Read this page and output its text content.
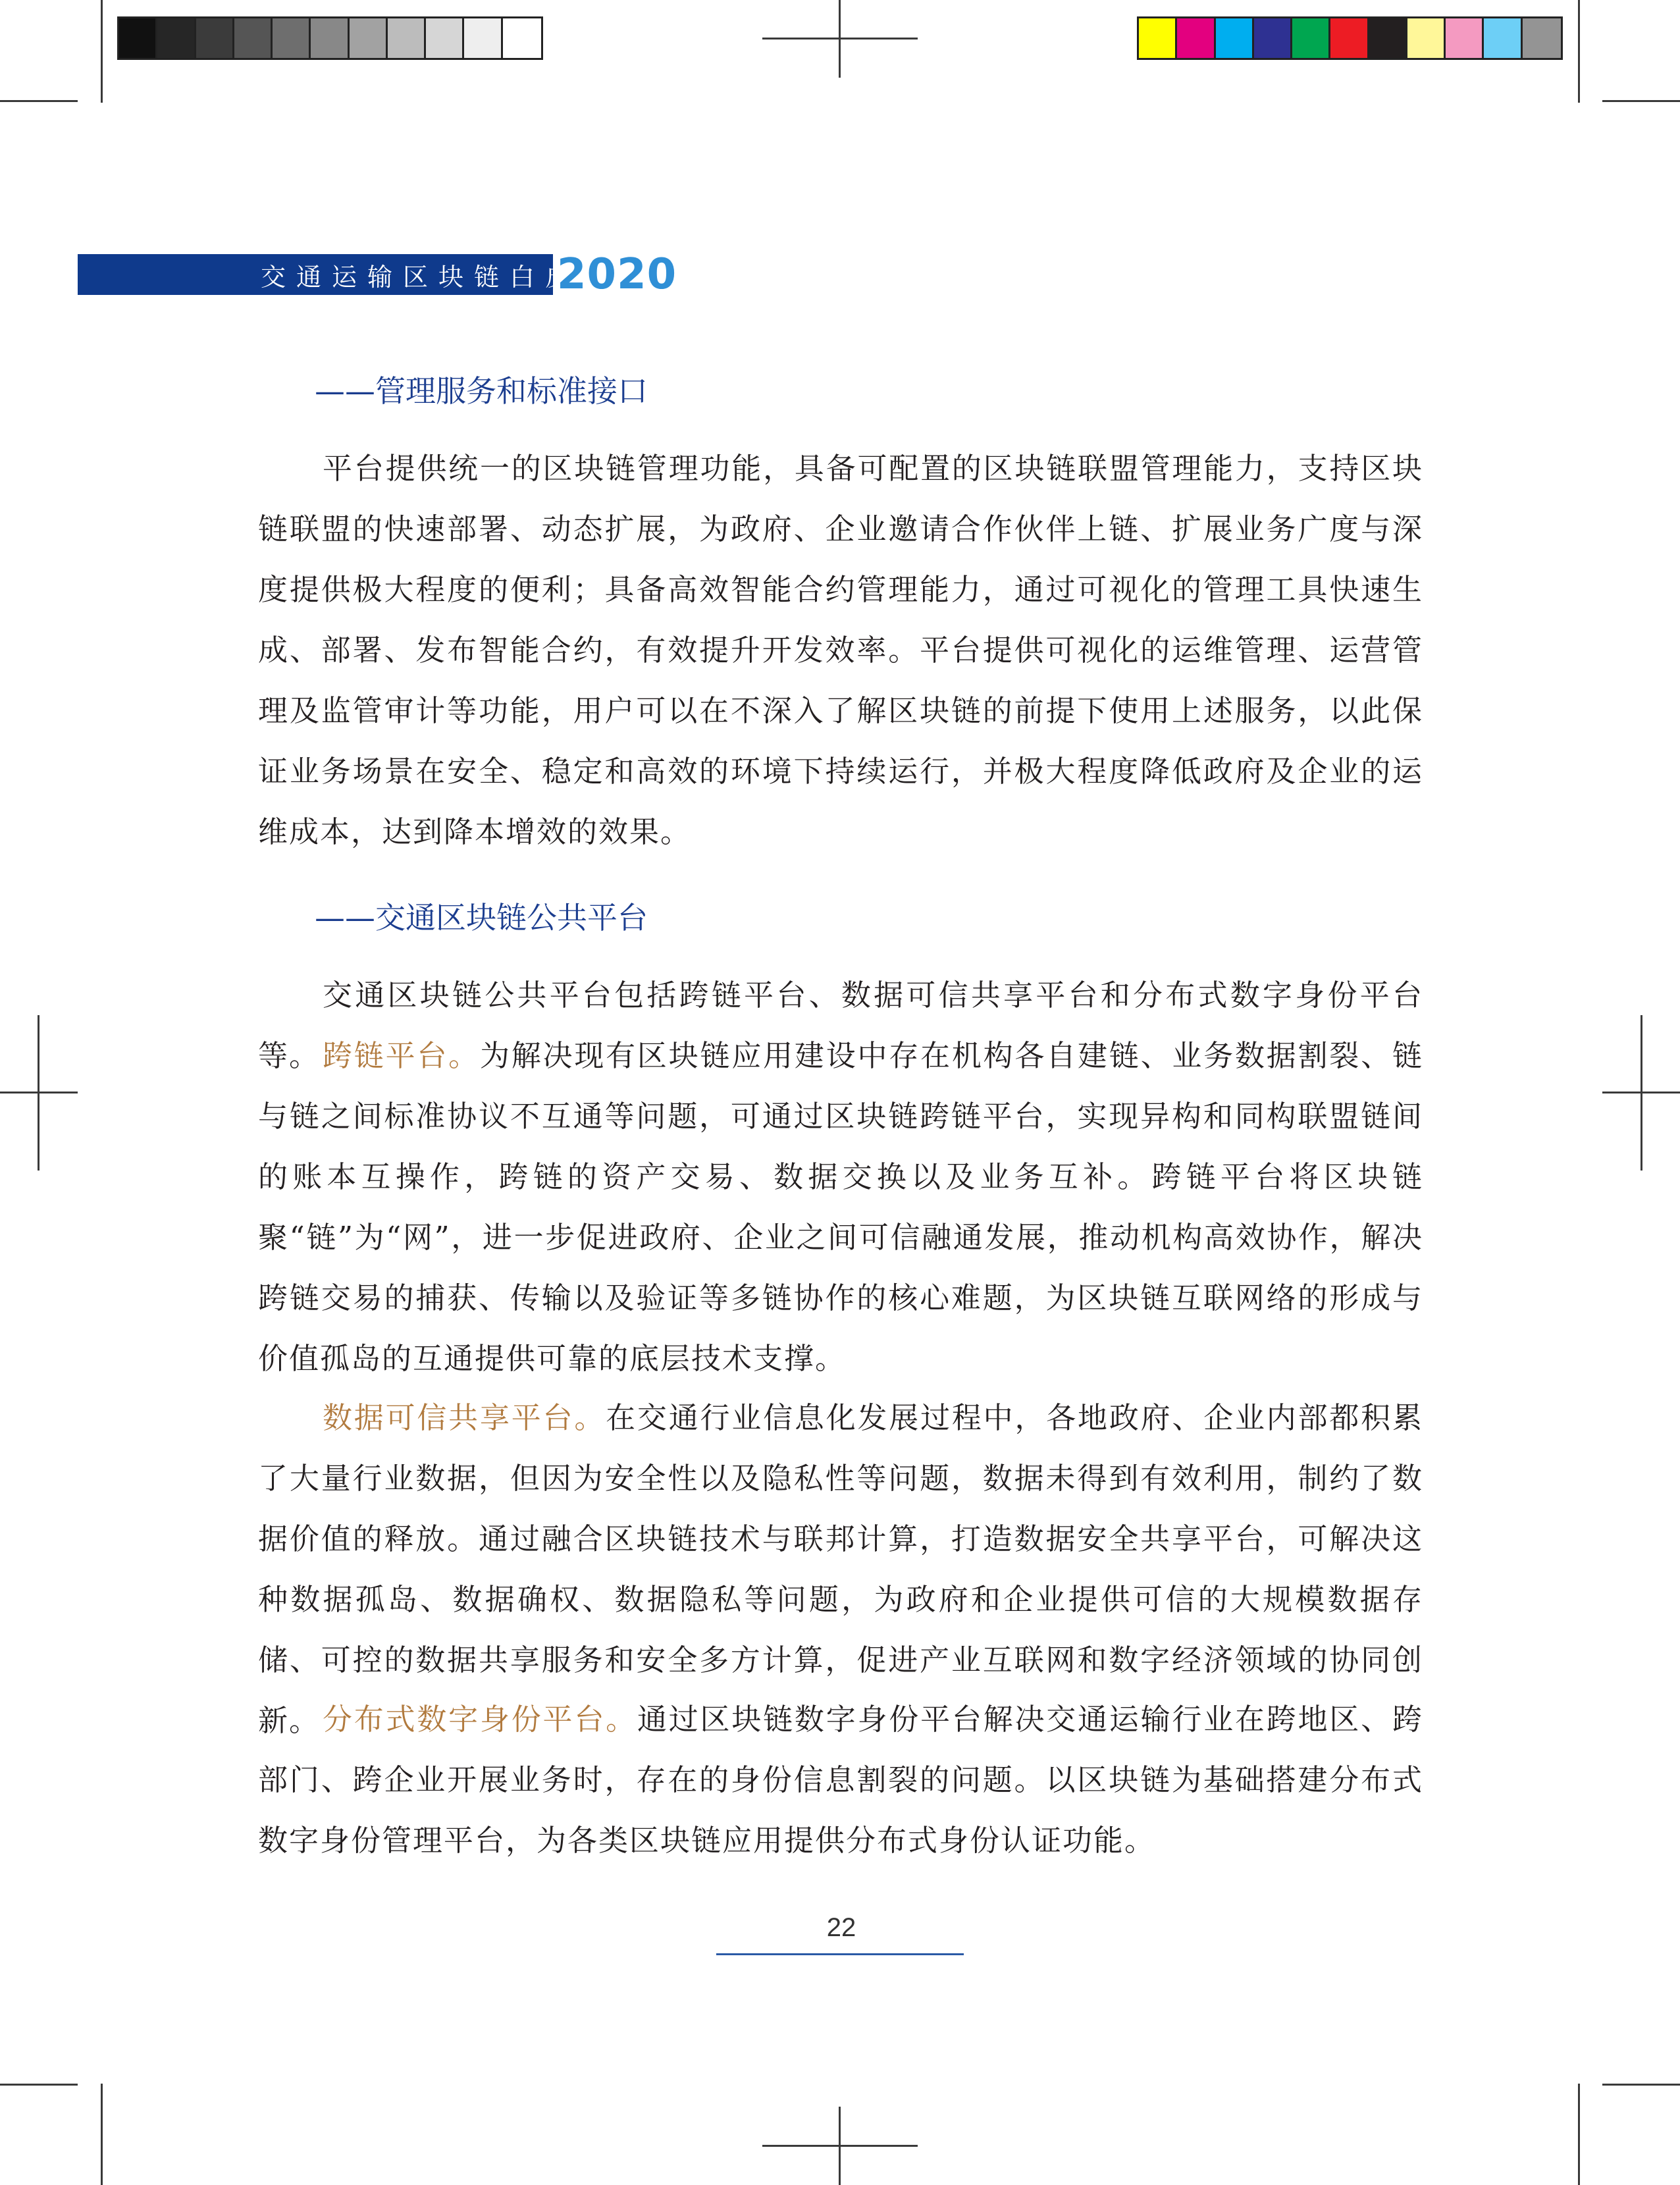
交通运输区块链白皮书
2020
——管理服务和标准接口

平台提供统一的区块链管理功能，具备可配置的区块链联盟管理能力，支持区块链联盟的快速部署、动态扩展，为政府、企业邀请合作伙伴上链、扩展业务广度与深度提供极大程度的便利；具备高效智能合约管理能力，通过可视化的管理工具快速生成、部署、发布智能合约，有效提升开发效率。平台提供可视化的运维管理、运营管理及监管审计等功能，用户可以在不深入了解区块链的前提下使用上述服务，以此保证业务场景在安全、稳定和高效的环境下持续运行，并极大程度降低政府及企业的运维成本，达到降本增效的效果。

——交通区块链公共平台

交通区块链公共平台包括跨链平台、数据可信共享平台和分布式数字身份平台等。 跨链平台。为解决现有区块链应用建设中存在机构各自建链、业务数据割裂、链与链之间标准协议不互通等问题，可通过区块链跨链平台，实现异构和同构联盟链间的账本互操作，跨链的资产交易、数据交换以及业务互补。跨链平台将区块链聚“链”为“网”，进一步促进政府、企业之间可信融通发展，推动机构高效协作，解决跨链交易的捕获、传输以及验证等多链协作的核心难题，为区块链互联网络的形成与价值孤岛的互通提供可靠的底层技术支撑。

数据可信共享平台。在交通行业信息化发展过程中，各地政府、企业内部都积累了大量行业数据，但因为安全性以及隐私性等问题，数据未得到有效利用，制约了数据价值的释放。通过融合区块链技术与联邦计算，打造数据安全共享平台，可解决这种数据孤岛、数据确权、数据隐私等问题，为政府和企业提供可信的大规模数据存储、可控的数据共享服务和安全多方计算，促进产业互联网和数字经济领域的协同创新。 分布式数字身份平台。通过区块链数字身份平台解决交通运输行业在跨地区、跨部门、跨企业开展业务时，存在的身份信息割裂的问题。以区块链为基础搭建分布式数字身份管理平台，为各类区块链应用提供分布式身份认证功能。

22
